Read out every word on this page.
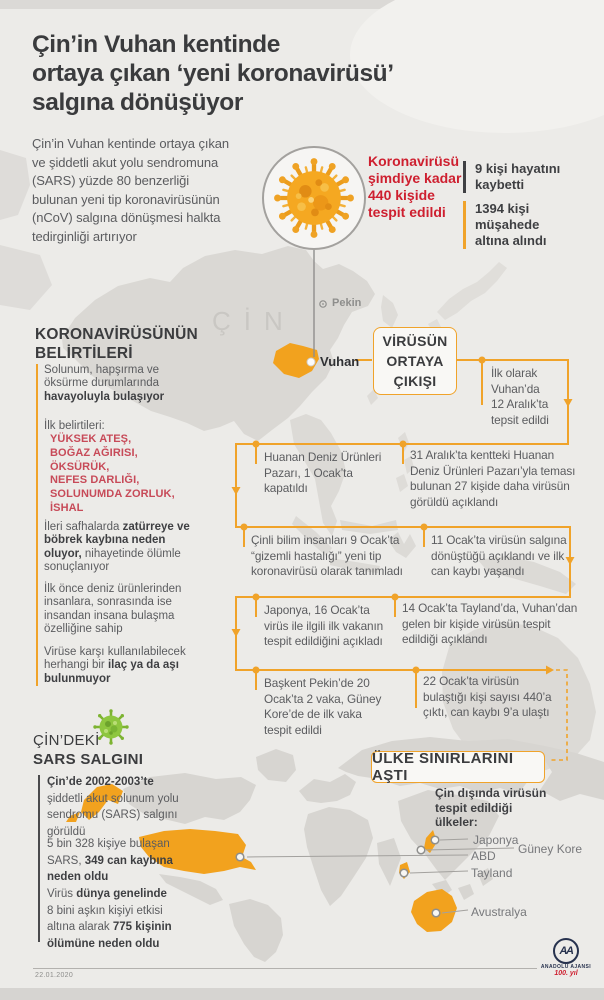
Çin’in Vuhan kentinde
ortaya çıkan ‘yeni koronavirüsü’
salgına dönüşüyor
Çin’in Vuhan kentinde ortaya çıkan
ve şiddetli akut yolu sendromuna
(SARS) yüzde 80 benzerliği
bulunan yeni tip koronavirüsünün
(nCoV) salgına dönüşmesi halkta
tedirginliği artırıyor
Koronavirüsü
şimdiye kadar
440 kişide
tespit edildi
9 kişi hayatını
kaybetti
1394 kişi
müşahede
altına alındı
ÇİN
Pekin
Vuhan
VİRÜSÜN
ORTAYA
ÇIKIŞI
KORONAVİRÜSÜNÜN
BELİRTİLERİ
Solunum, hapşırma ve
öksürme durumlarında
havayoluyla bulaşıyor
İlk belirtileri:
YÜKSEK ATEŞ,
BOĞAZ AĞIRISI,
ÖKSÜRÜK,
NEFES DARLIĞI,
SOLUNUMDA ZORLUK,
İSHAL
İleri safhalarda zatürreye ve
böbrek kaybına neden
oluyor, nihayetinde ölümle
sonuçlanıyor
İlk önce deniz ürünlerinden
insanlara, sonrasında ise
insandan insana bulaşma
özelliğine sahip
Virüse karşı kullanılabilecek
herhangi bir ilaç ya da aşı
bulunmuyor
İlk olarak
Vuhan’da
12 Aralık’ta
tepsit edildi
Huanan Deniz Ürünleri
Pazarı, 1 Ocak’ta
kapatıldı
31 Aralık’ta kentteki Huanan
Deniz Ürünleri Pazarı’yla teması
bulunan 27 kişide daha virüsün
görüldü açıklandı
Çinli bilim insanları 9 Ocak’ta
“gizemli hastalığı” yeni tip
koronavirüsü olarak tanımladı
11 Ocak’ta virüsün salgına
dönüştüğü açıklandı ve ilk
can kaybı yaşandı
Japonya, 16 Ocak’ta
virüs ile ilgili ilk vakanın
tespit edildiğini açıkladı
14 Ocak’ta Tayland’da, Vuhan’dan
gelen bir kişide virüsün tespit
edildiği açıklandı
Başkent Pekin’de 20
Ocak’ta 2 vaka, Güney
Kore’de de ilk vaka
tespit edildi
22 Ocak’ta virüsün
bulaştığı kişi sayısı 440’a
çıktı, can kaybı 9’a ulaştı
ÇİN’DEKİ
SARS SALGINI
Çin’de 2002-2003’te
şiddetli akut solunum yolu
sendromu (SARS) salgını
görüldü
5 bin 328 kişiye bulaşan
SARS, 349 can kaybına
neden oldu
Virüs dünya genelinde
8 bini aşkın kişiyi etkisi
altına alarak 775 kişinin
ölümüne neden oldu
ÜLKE SINIRLARINI AŞTI
Çin dışında virüsün
tespit edildiği
ülkeler:
Japonya
Güney Kore
ABD
Tayland
Avustralya
22.01.2020
AA
ANADOLU AJANSI
100. yıl
